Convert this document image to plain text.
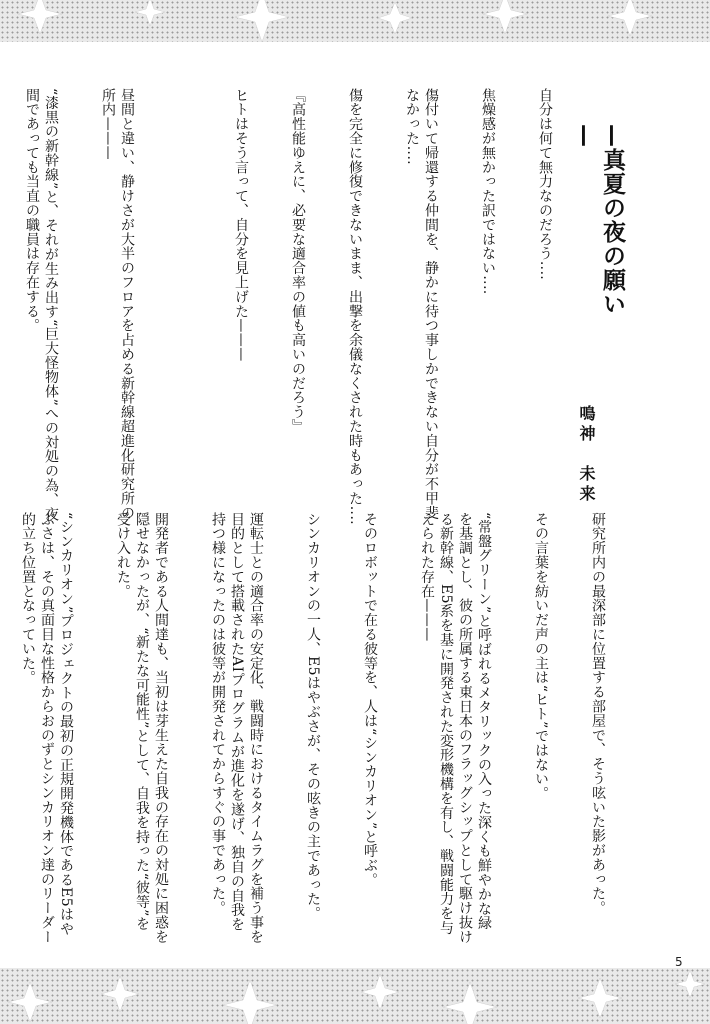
—真夏の夜の願い—
鳴神　未来

自分は何て無力なのだろう‥‥

焦燥感が無かった訳ではない‥‥

傷付いて帰還する仲間を、静かに待つ事しかできない自分が不甲斐なかった‥‥

傷を完全に修復できないまま、出撃を余儀なくされた時もあった‥‥

『高性能ゆえに、必要な適合率の値も高いのだろう』

ヒトはそう言って、自分を見上げた———

昼間と違い、静けさが大半のフロアを占める新幹線超進化研究所の所内———

“漆黒の新幹線”と、それが生み出す“巨大怪物体”への対処の為、夜間であっても当直の職員は存在する。

研究所内の最深部に位置する部屋で、そう呟いた影があった。

その言葉を紡いだ声の主は“ヒト”ではない。

“常盤グリーン”と呼ばれるメタリックの入った深くも鮮やかな緑を基調とし、彼の所属する東日本のフラッグシップとして駆け抜ける新幹線、E5系を基に開発された変形機構を有し、戦闘能力を与えられた存在———

そのロボットで在る彼等を、人は“シンカリオン”と呼ぶ。

シンカリオンの一人、E5はやぶさが、その呟きの主であった。

運転士との適合率の安定化、戦闘時におけるタイムラグを補う事を目的として搭載されたAIプログラムが進化を遂げ、独自の自我を持つ様になったのは彼等が開発されてからすぐの事であった。

開発者である人間達も、当初は芽生えた自我の存在の対処に困惑を隠せなかったが、“新たな可能性”として、自我を持った“彼等”を受け入れた。

“シンカリオン”プロジェクトの最初の正規開発機体であるE5はやぶさは、その真面目な性格からおのずとシンカリオン達のリーダー的立ち位置となっていた。

5
